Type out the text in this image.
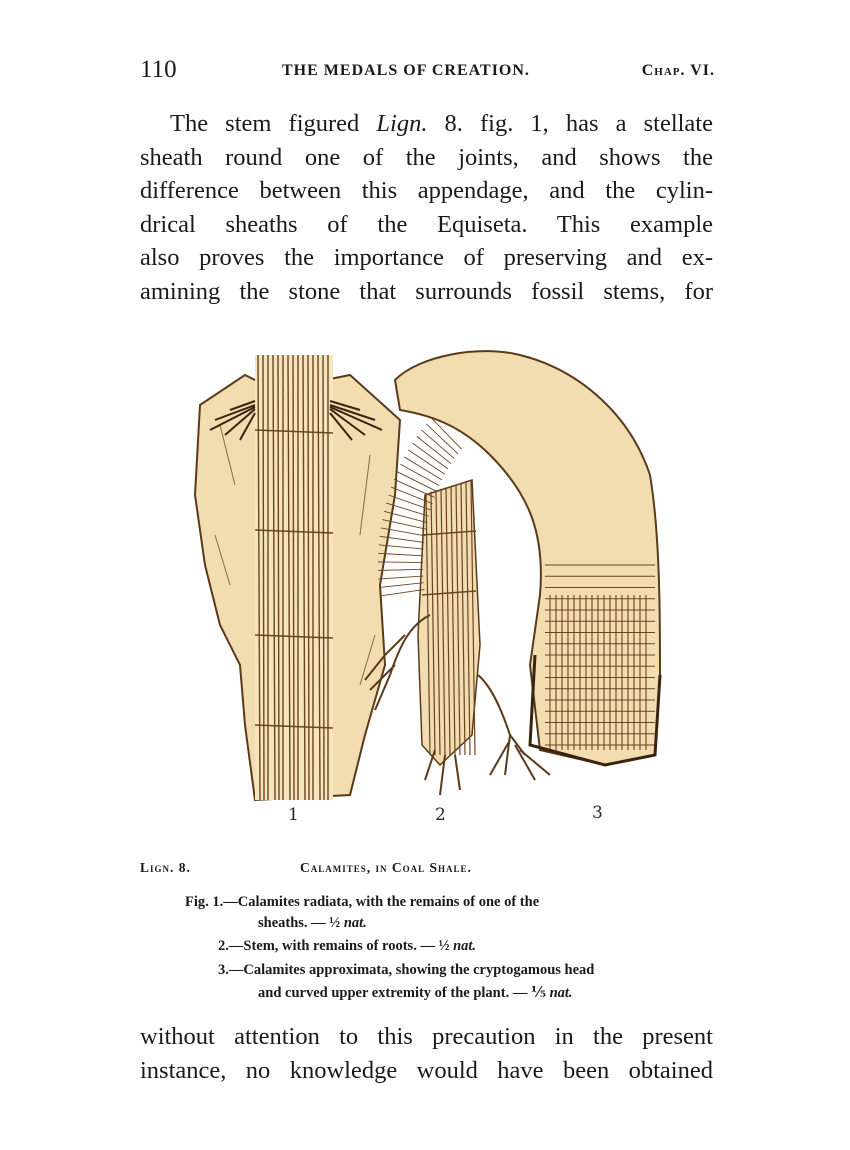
110	THE MEDALS OF CREATION.	Chap. VI.

The stem figured Lign. 8. fig. 1, has a stellate
sheath round one of the joints, and shows the
difference between this appendage, and the cylin-
drical sheaths of the Equiseta. This example
also proves the importance of preserving and ex-
amining the stone that surrounds fossil stems, for

1	2	3
Lign. 8.	Calamites, in Coal Shale.
Fig. 1.—Calamites radiata, with the remains of one of the
sheaths. — ½ nat.
2.—Stem, with remains of roots. — ½ nat.
3.—Calamites approximata, showing the cryptogamous head
and curved upper extremity of the plant. — ⅕ nat.

without attention to this precaution in the present
instance, no knowledge would have been obtained
